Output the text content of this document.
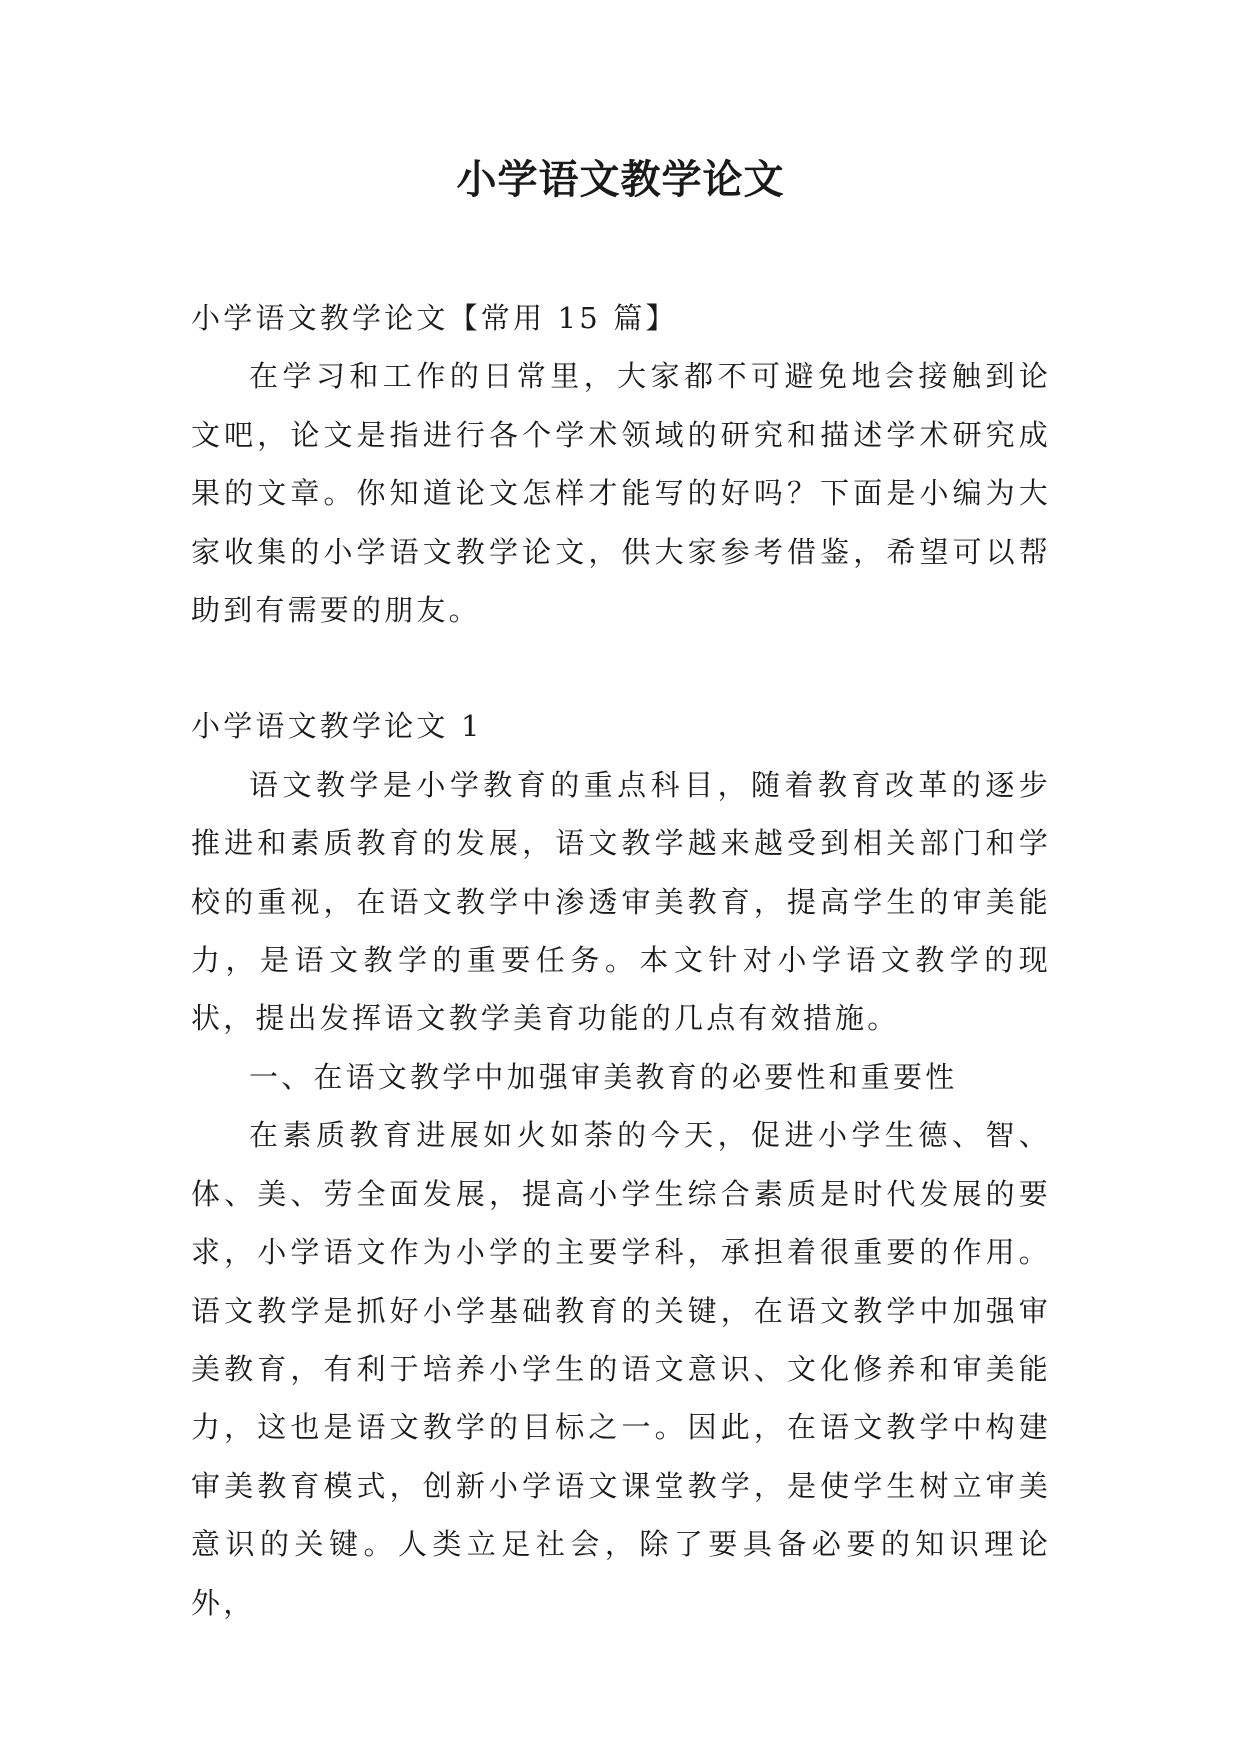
小学语文教学论文

小学语文教学论文【常用 15 篇】

在学习和工作的日常里，大家都不可避免地会接触到论文吧，论文是指进行各个学术领域的研究和描述学术研究成果的文章。你知道论文怎样才能写的好吗？下面是小编为大家收集的小学语文教学论文，供大家参考借鉴，希望可以帮助到有需要的朋友。

小学语文教学论文 1

语文教学是小学教育的重点科目，随着教育改革的逐步推进和素质教育的发展，语文教学越来越受到相关部门和学校的重视，在语文教学中渗透审美教育，提高学生的审美能力，是语文教学的重要任务。本文针对小学语文教学的现状，提出发挥语文教学美育功能的几点有效措施。

一、在语文教学中加强审美教育的必要性和重要性

在素质教育进展如火如荼的今天，促进小学生德、智、体、美、劳全面发展，提高小学生综合素质是时代发展的要求，小学语文作为小学的主要学科，承担着很重要的作用。语文教学是抓好小学基础教育的关键，在语文教学中加强审美教育，有利于培养小学生的语文意识、文化修养和审美能力，这也是语文教学的目标之一。因此，在语文教学中构建审美教育模式，创新小学语文课堂教学，是使学生树立审美意识的关键。人类立足社会，除了要具备必要的知识理论外，
